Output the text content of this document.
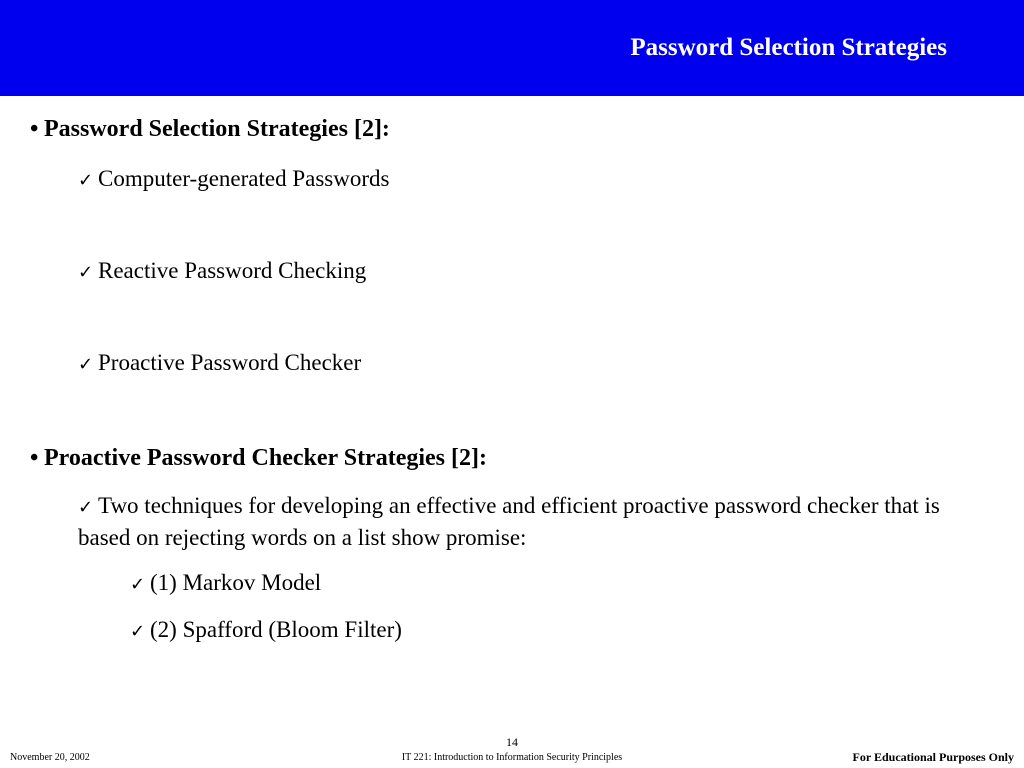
Password Selection Strategies
• Password Selection Strategies [2]:
✓ Computer-generated Passwords
✓ Reactive Password Checking
✓ Proactive Password Checker
• Proactive Password Checker Strategies [2]:
✓ Two techniques for developing an effective and efficient proactive password checker that is based on rejecting words on a list show promise:
✓ (1) Markov Model
✓ (2) Spafford (Bloom Filter)
14
November 20, 2002	IT 221: Introduction to Information Security Principles	For Educational Purposes Only
